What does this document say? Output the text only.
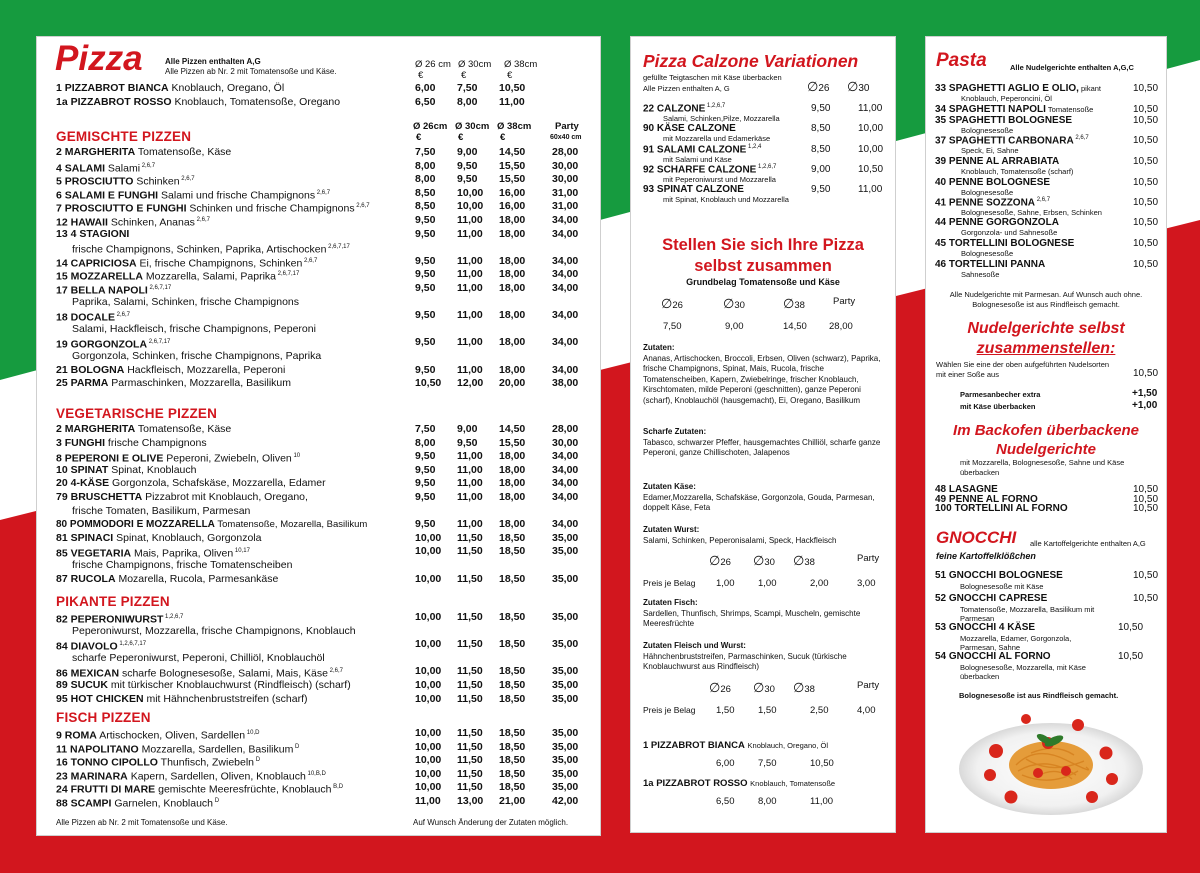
Pizza	Alle Pizzen enthalten A,G
Alle Pizzen ab Nr. 2 mit Tomatensoße und Käse.
Ø 26 cm
€
Ø 30cm
€
Ø 38cm
€
1 PIZZABROT BIANCA Knoblauch, Oregano, Öl	6,00	7,50	10,50
1a PIZZABROT ROSSO Knoblauch, Tomatensoße, Oregano	6,50	8,00	11,00
GEMISCHTE PIZZEN
Ø 26cm Ø 30cm Ø 38cm Party
€	€	€	60x40 cm
2 MARGHERITA Tomatensoße, Käse	7,50	9,00	14,50	28,00
4 SALAMI Salami $^{2,6,7}$	8,00	9,50	15,50	30,00
5 PROSCIUTTO Schinken $^{2,6,7}$	8,00	9,50	15,50	30,00
6 SALAMI E FUNGHI Salami und frische Champignons $^{2,6,7}$	8,50	10,00	16,00	31,00
7 PROSCIUTTO E FUNGHI Schinken und frische Champignons $^{2,6,7}$	8,50	10,00	16,00	31,00
12 HAWAII Schinken, Ananas $^{2,6,7}$	9,50	11,00	18,00	34,00
13 4 STAGIONI	9,50	11,00	18,00	34,00
frische Champignons, Schinken, Paprika, Artischocken $^{2,6,7,17}$
14 CAPRICIOSA Ei, frische Champignons, Schinken $^{2,6,7}$	9,50	11,00	18,00	34,00
15 MOZZARELLA Mozzarella, Salami, Paprika $^{2,6,7,17}$	9,50	11,00	18,00	34,00
17 BELLA NAPOLI $^{2,6,7,17}$	9,50	11,00	18,00	34,00
Paprika, Salami, Schinken, frische Champignons
18 DOCALE $^{2,6,7}$	9,50	11,00	18,00	34,00
Salami, Hackfleisch, frische Champignons, Peperoni
19 GORGONZOLA $^{2,6,7,17}$	9,50	11,00	18,00	34,00
Gorgonzola, Schinken, frische Champignons, Paprika
21 BOLOGNA Hackfleisch, Mozzarella, Peperoni	9,50	11,00	18,00	34,00
25 PARMA Parmaschinken, Mozzarella, Basilikum	10,50	12,00	20,00	38,00
VEGETARISCHE PIZZEN
2 MARGHERITA Tomatensoße, Käse	7,50	9,00	14,50	28,00
3 FUNGHI frische Champignons	8,00	9,50	15,50	30,00
8 PEPERONI E OLIVE Peperoni, Zwiebeln, Oliven $^{10}$	9,50	11,00	18,00	34,00
10 SPINAT Spinat, Knoblauch	9,50	11,00	18,00	34,00
20 4-KÄSE Gorgonzola, Schafskäse, Mozzarella, Edamer	9,50	11,00	18,00	34,00
79 BRUSCHETTA Pizzabrot mit Knoblauch, Oregano,	9,50	11,00	18,00	34,00
frische Tomaten, Basilikum, Parmesan
80 POMMODORI E MOZZARELLA Tomatensoße, Mozarella, Basilikum	9,50	11,00	18,00	34,00
81 SPINACI Spinat, Knoblauch, Gorgonzola	10,00	11,50	18,50	35,00
85 VEGETARIA Mais, Paprika, Oliven $^{10,17}$	10,00	11,50	18,50	35,00
frische Champignons, frische Tomatenscheiben
87 RUCOLA Mozarella, Rucola, Parmesankäse	10,00	11,50	18,50	35,00
PIKANTE PIZZEN
82 PEPERONIWURST $^{1,2,6,7}$	10,00	11,50	18,50	35,00
Peperoniwurst, Mozzarella, frische Champignons, Knoblauch
84 DIAVOLO $^{1,2,6,7,17}$	10,00	11,50	18,50	35,00
scharfe Peperoniwurst, Peperoni, Chilliöl, Knoblauchöl
86 MEXICAN scharfe Bolognesesoße, Salami, Mais, Käse $^{2,6,7}$	10,00	11,50	18,50	35,00
89 SUCUK mit türkischer Knoblauchwurst (Rindfleisch) (scharf)	10,00	11,50	18,50	35,00
95 HOT CHICKEN mit Hähnchenbruststreifen (scharf)	10,00	11,50	18,50	35,00
FISCH PIZZEN
9 ROMA Artischocken, Oliven, Sardellen $^{10,D}$	10,00	11,50	18,50	35,00
11 NAPOLITANO Mozzarella, Sardellen, Basilikum $^D$	10,00	11,50	18,50	35,00
16 TONNO CIPOLLO Thunfisch, Zwiebeln $^D$	10,00	11,50	18,50	35,00
23 MARINARA Kapern, Sardellen, Oliven, Knoblauch $^{10,B,D}$	10,00	11,50	18,50	35,00
24 FRUTTI DI MARE gemischte Meeresfrüchte, Knoblauch $^{B,D}$	10,00	11,50	18,50	35,00
88 SCAMPI Garnelen, Knoblauch $^D$	11,00	13,00	21,00	42,00
Alle Pizzen ab Nr. 2 mit Tomatensoße und Käse.	Auf Wunsch Änderung der Zutaten möglich.
Pizza Calzone Variationen
gefüllte Teigtaschen mit Käse überbacken
Alle Pizzen enthalten A, G	∅26 ∅30
22 CALZONE $^{1,2,6,7}$
Salami, Schinken,Pilze, Mozzarella
9,50	11,00
90 KÄSE CALZONE
mit Mozzarella und Edamerkäse
8,50	10,00
91 SALAMI CALZONE $^{1,2,4}$
mit Salami und Käse
8,50	10,00
92 SCHARFE CALZONE $^{1,2,6,7}$
mit Peperoniwurst und Mozzarella
9,00	10,50
93 SPINAT CALZONE
mit Spinat, Knoblauch und Mozzarella
9,50	11,00
Stellen Sie sich Ihre Pizza
selbst zusammen
Grundbelag Tomatensoße und Käse
∅26	∅30	∅38	Party
7,50	9,00	14,50 28,00
Zutaten:
Ananas, Artischocken, Broccoli, Erbsen, Oliven (schwarz), Paprika, frische Champignons, Spinat, Mais, Rucola, frische Tomatenscheiben, Kapern, Zwiebelringe, frischer Knoblauch, Kirschtomaten, milde Peperoni (geschnitten), ganze Peperoni (scharf), Knoblauchöl (hausgemacht), Ei, Oregano, Basilikum
Scharfe Zutaten:
Tabasco, schwarzer Pfeffer, hausgemachtes Chilliöl, scharfe ganze Peperoni, ganze Chillischoten, Jalapenos
Zutaten Käse:
Edamer,Mozzarella, Schafskäse, Gorgonzola, Gouda, Parmesan, doppelt Käse, Feta
Zutaten Wurst:
Salami, Schinken, Peperonisalami, Speck, Hackfleisch
∅26 ∅30 ∅38	Party
Preis je Belag 1,00 1,00	2,00	3,00
Zutaten Fisch:
Sardellen, Thunfisch, Shrimps, Scampi, Muscheln, gemischte Meeresfrüchte
Zutaten Fleisch und Wurst:
Hähnchenbruststreifen, Parmaschinken, Sucuk (türkische Knoblauchwurst aus Rindfleisch)
∅26 ∅30 ∅38	Party
Preis je Belag 1,50 1,50	2,50	4,00
1 PIZZABROT BIANCA Knoblauch, Oregano, Öl
6,00 7,50	10,50
1a PIZZABROT ROSSO Knoblauch, Tomatensoße
6,50 8,00	11,00
Pasta	Alle Nudelgerichte enthalten A,G,C
33 SPAGHETTI AGLIO E OLIO, pikant
Knoblauch, Peperoncini, Öl
10,50
34 SPAGHETTI NAPOLI Tomatensoße	10,50
35 SPAGHETTI BOLOGNESE
Bolognesesoße
10,50
37 SPAGHETTI CARBONARA $^{2,6,7}$
Speck, Ei, Sahne
10,50
39 PENNE AL ARRABIATA
Knoblauch, Tomatensoße (scharf)
10,50
40 PENNE BOLOGNESE
Bolognesesoße
10,50
41 PENNE SOZZONA $^{2,6,7}$
Bolognesesoße, Sahne, Erbsen, Schinken
10,50
44 PENNE GORGONZOLA
Gorgonzola- und Sahnesoße
10,50
45 TORTELLINI BOLOGNESE
Bolognesesoße
10,50
46 TORTELLINI PANNA
Sahnesoße
10,50
Alle Nudelgerichte mit Parmesan. Auf Wunsch auch ohne.
Bolognesesoße ist aus Rindfleisch gemacht.
Nudelgerichte selbst
zusammenstellen:
Wählen Sie eine der oben aufgeführten Nudelsorten
mit einer Soße aus	10,50
Parmesanbecher extra	+1,50
mit Käse überbacken	+1,00
Im Backofen überbackene
Nudelgerichte
mit Mozzarella, Bolognesesoße, Sahne und Käse
überbacken
48 LASAGNE	10,50
49 PENNE AL FORNO	10,50
100 TORTELLINI AL FORNO	10,50
GNOCCHI alle Kartoffelgerichte enthalten A,G
feine Kartoffelklößchen
51 GNOCCHI BOLOGNESE
Bolognesesoße mit Käse
10,50
52 GNOCCHI CAPRESE
Tomatensoße, Mozzarella, Basilikum mit Parmesan
10,50
53 GNOCCHI 4 KÄSE
Mozzarella, Edamer, Gorgonzola, Parmesan, Sahne
10,50
54 GNOCCHI AL FORNO
Bolognesesoße, Mozzarella, mit Käse überbacken
10,50
Bolognesesoße ist aus Rindfleisch gemacht.
